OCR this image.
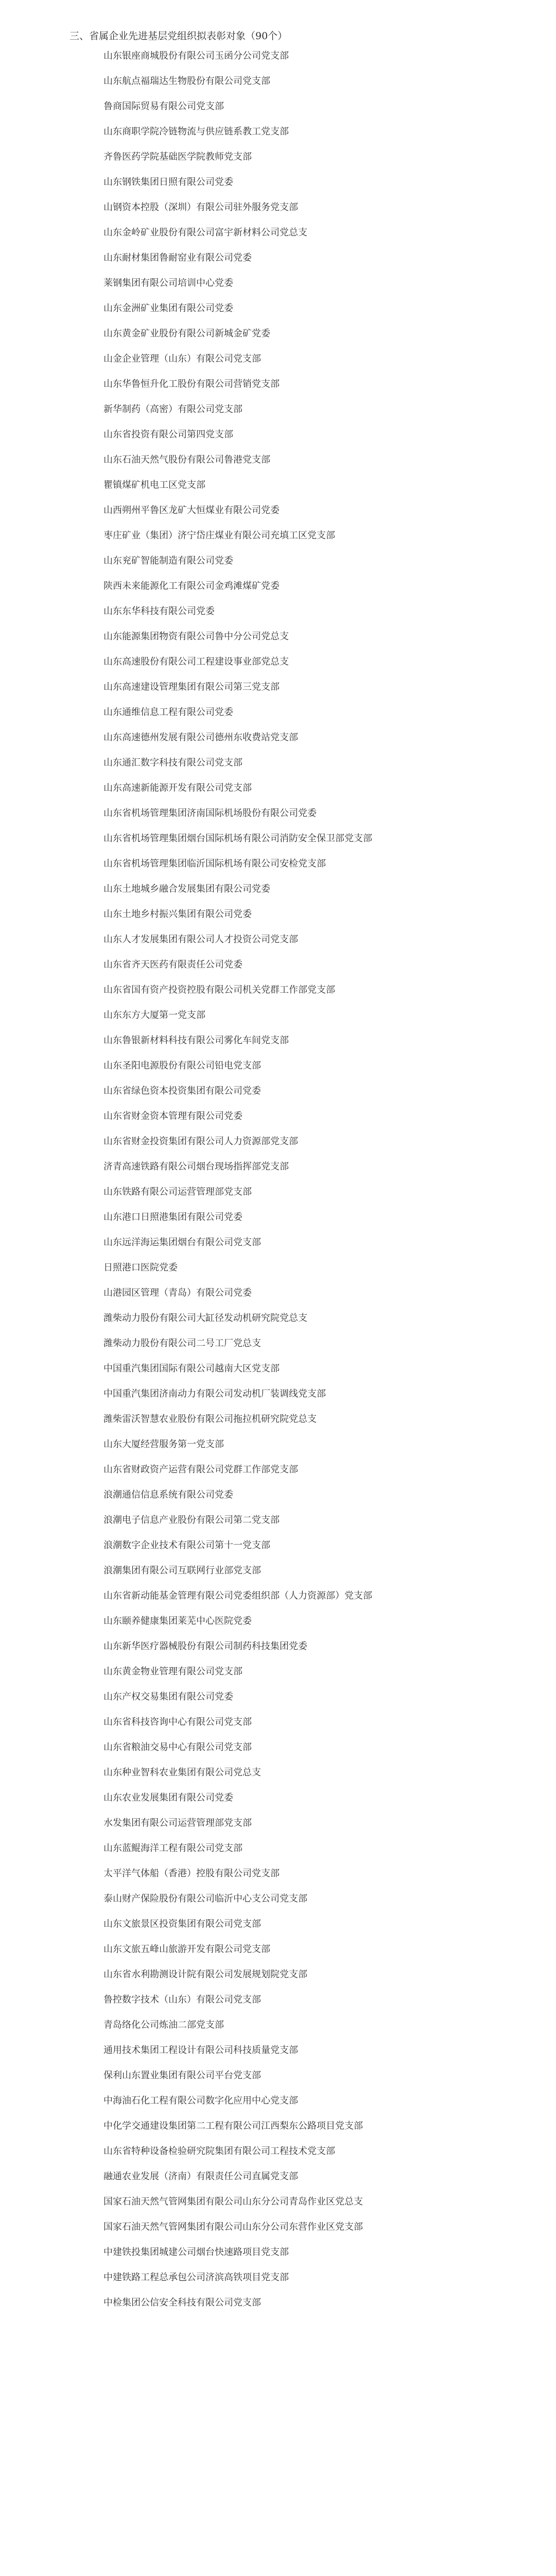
三、省属企业先进基层党组织拟表彰对象（90个）
山东银座商城股份有限公司玉函分公司党支部
山东航点福瑞达生物股份有限公司党支部
鲁商国际贸易有限公司党支部
山东商职学院冷链物流与供应链系教工党支部
齐鲁医药学院基础医学院教师党支部
山东钢铁集团日照有限公司党委
山钢资本控股（深圳）有限公司驻外服务党支部
山东金岭矿业股份有限公司富宇新材料公司党总支
山东耐材集团鲁耐窑业有限公司党委
莱钢集团有限公司培训中心党委
山东金洲矿业集团有限公司党委
山东黄金矿业股份有限公司新城金矿党委
山金企业管理（山东）有限公司党支部
山东华鲁恒升化工股份有限公司营销党支部
新华制药（高密）有限公司党支部
山东省投资有限公司第四党支部
山东石油天然气股份有限公司鲁港党支部
瞿镇煤矿机电工区党支部
山西朔州平鲁区龙矿大恒煤业有限公司党委
枣庄矿业（集团）济宁岱庄煤业有限公司充填工区党支部
山东兖矿智能制造有限公司党委
陕西未来能源化工有限公司金鸡滩煤矿党委
山东东华科技有限公司党委
山东能源集团物资有限公司鲁中分公司党总支
山东高速股份有限公司工程建设事业部党总支
山东高速建设管理集团有限公司第三党支部
山东通维信息工程有限公司党委
山东高速德州发展有限公司德州东收费站党支部
山东通汇数字科技有限公司党支部
山东高速新能源开发有限公司党支部
山东省机场管理集团济南国际机场股份有限公司党委
山东省机场管理集团烟台国际机场有限公司消防安全保卫部党支部
山东省机场管理集团临沂国际机场有限公司安检党支部
山东土地城乡融合发展集团有限公司党委
山东土地乡村振兴集团有限公司党委
山东人才发展集团有限公司人才投资公司党支部
山东省齐天医药有限责任公司党委
山东省国有资产投资控股有限公司机关党群工作部党支部
山东东方大厦第一党支部
山东鲁银新材料科技有限公司雾化车间党支部
山东圣阳电源股份有限公司铅电党支部
山东省绿色资本投资集团有限公司党委
山东省财金资本管理有限公司党委
山东省财金投资集团有限公司人力资源部党支部
济青高速铁路有限公司烟台现场指挥部党支部
山东铁路有限公司运营管理部党支部
山东港口日照港集团有限公司党委
山东远洋海运集团烟台有限公司党支部
日照港口医院党委
山港园区管理（青岛）有限公司党委
潍柴动力股份有限公司大缸径发动机研究院党总支
潍柴动力股份有限公司二号工厂党总支
中国重汽集团国际有限公司越南大区党支部
中国重汽集团济南动力有限公司发动机厂装调线党支部
潍柴雷沃智慧农业股份有限公司拖拉机研究院党总支
山东大厦经营服务第一党支部
山东省财政资产运营有限公司党群工作部党支部
浪潮通信信息系统有限公司党委
浪潮电子信息产业股份有限公司第二党支部
浪潮数字企业技术有限公司第十一党支部
浪潮集团有限公司互联网行业部党支部
山东省新动能基金管理有限公司党委组织部（人力资源部）党支部
山东颐养健康集团莱芜中心医院党委
山东新华医疗器械股份有限公司制药科技集团党委
山东黄金物业管理有限公司党支部
山东产权交易集团有限公司党委
山东省科技咨询中心有限公司党支部
山东省粮油交易中心有限公司党支部
山东种业智科农业集团有限公司党总支
山东农业发展集团有限公司党委
水发集团有限公司运营管理部党支部
山东蓝鲲海洋工程有限公司党支部
太平洋气体船（香港）控股有限公司党支部
泰山财产保险股份有限公司临沂中心支公司党支部
山东文旅景区投资集团有限公司党支部
山东文旅五峰山旅游开发有限公司党支部
山东省水利勘测设计院有限公司发展规划院党支部
鲁控数字技术（山东）有限公司党支部
青岛络化公司炼油二部党支部
通用技术集团工程设计有限公司科技质量党支部
保利山东置业集团有限公司平台党支部
中海油石化工程有限公司数字化应用中心党支部
中化学交通建设集团第二工程有限公司江西梨东公路项目党支部
山东省特种设备检验研究院集团有限公司工程技术党支部
融通农业发展（济南）有限责任公司直属党支部
国家石油天然气管网集团有限公司山东分公司青岛作业区党总支
国家石油天然气管网集团有限公司山东分公司东营作业区党支部
中建铁投集团城建公司烟台快速路项目党支部
中建铁路工程总承包公司济滨高铁项目党支部
中检集团公信安全科技有限公司党支部
